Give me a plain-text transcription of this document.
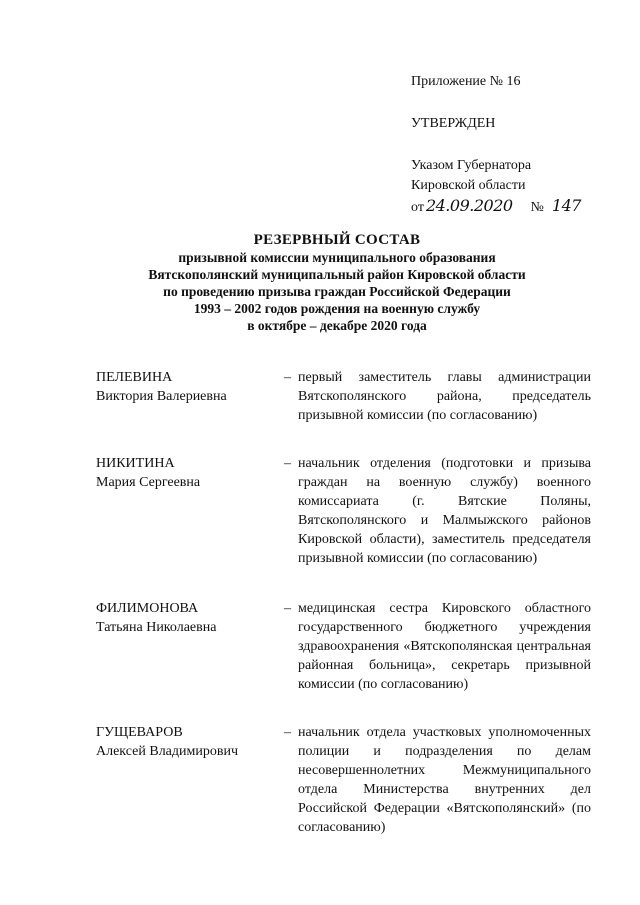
Приложение № 16
УТВЕРЖДЕН
Указом Губернатора
Кировской области
от 24.09.2020 № 147
РЕЗЕРВНЫЙ СОСТАВ
призывной комиссии муниципального образования
Вятскополянский муниципальный район Кировской области
по проведению призыва граждан Российской Федерации
1993 – 2002 годов рождения на военную службу
в октябре – декабре 2020 года
ПЕЛЕВИНА
Виктория Валериевна
– первый заместитель главы администрации Вятскополянского района, председатель призывной комиссии (по согласованию)
НИКИТИНА
Мария Сергеевна
– начальник отделения (подготовки и призыва граждан на военную службу) военного комиссариата (г. Вятские Поляны, Вятскополянского и Малмыжского районов Кировской области), заместитель председателя призывной комиссии (по согласованию)
ФИЛИМОНОВА
Татьяна Николаевна
– медицинская сестра Кировского областного государственного бюджетного учреждения здравоохранения «Вятскополянская центральная районная больница», секретарь призывной комиссии (по согласованию)
ГУЩЕВАРОВ
Алексей Владимирович
– начальник отдела участковых уполномоченных полиции и подразделения по делам несовершеннолетних Межмуниципального отдела Министерства внутренних дел Российской Федерации «Вятскополянский» (по согласованию)
